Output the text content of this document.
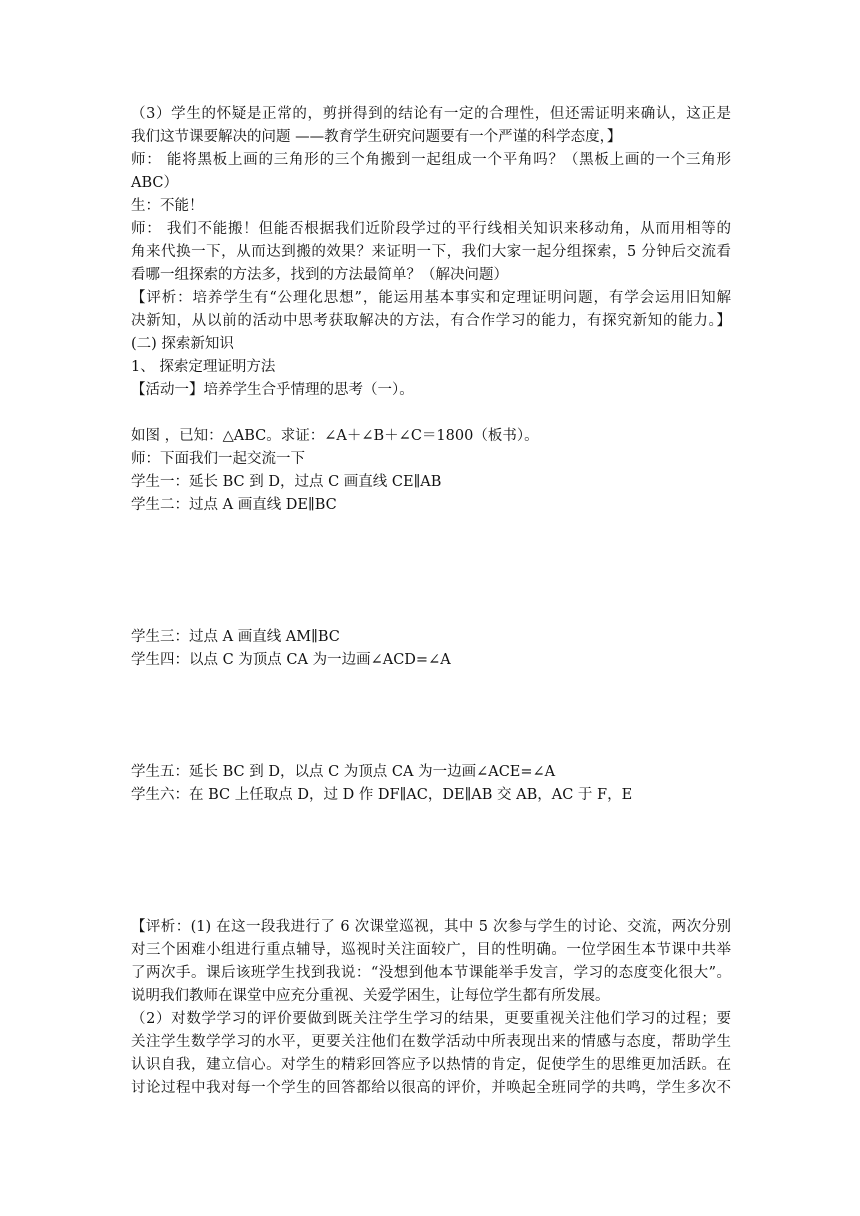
（3）学生的怀疑是正常的，剪拼得到的结论有一定的合理性，但还需证明来确认，这正是
我们这节课要解决的问题 ——教育学生研究问题要有一个严谨的科学态度，】
师： 能将黑板上画的三角形的三个角搬到一起组成一个平角吗？（黑板上画的一个三角形
ABC）
生：不能！
师： 我们不能搬！但能否根据我们近阶段学过的平行线相关知识来移动角，从而用相等的
角来代换一下，从而达到搬的效果？来证明一下，我们大家一起分组探索，5 分钟后交流看
看哪一组探索的方法多，找到的方法最简单？（解决问题）
【评析：培养学生有“公理化思想”，能运用基本事实和定理证明问题，有学会运用旧知解
决新知，从以前的活动中思考获取解决的方法，有合作学习的能力，有探究新知的能力。】
(二) 探索新知识
1、 探索定理证明方法
【活动一】培养学生合乎情理的思考（一）。
如图 ，已知：△ABC。求证：∠A＋∠B＋∠C＝1800（板书）。
师：下面我们一起交流一下
学生一：延长 BC 到 D，过点 C 画直线 CE∥AB
学生二：过点 A 画直线 DE∥BC
学生三：过点 A 画直线 AM∥BC
学生四：以点 C 为顶点 CA 为一边画∠ACD=∠A
学生五：延长 BC 到 D，以点 C 为顶点 CA 为一边画∠ACE=∠A
学生六：在 BC 上任取点 D，过 D 作 DF∥AC，DE∥AB 交 AB，AC 于 F，E
【评析：(1) 在这一段我进行了 6 次课堂巡视，其中 5 次参与学生的讨论、交流，两次分别
对三个困难小组进行重点辅导，巡视时关注面较广，目的性明确。一位学困生本节课中共举
了两次手。课后该班学生找到我说：“没想到他本节课能举手发言，学习的态度变化很大”。
说明我们教师在课堂中应充分重视、关爱学困生，让每位学生都有所发展。
（2）对数学学习的评价要做到既关注学生学习的结果，更要重视关注他们学习的过程；要
关注学生数学学习的水平，更要关注他们在数学活动中所表现出来的情感与态度，帮助学生
认识自我，建立信心。对学生的精彩回答应予以热情的肯定，促使学生的思维更加活跃。在
讨论过程中我对每一个学生的回答都给以很高的评价，并唤起全班同学的共鸣，学生多次不
